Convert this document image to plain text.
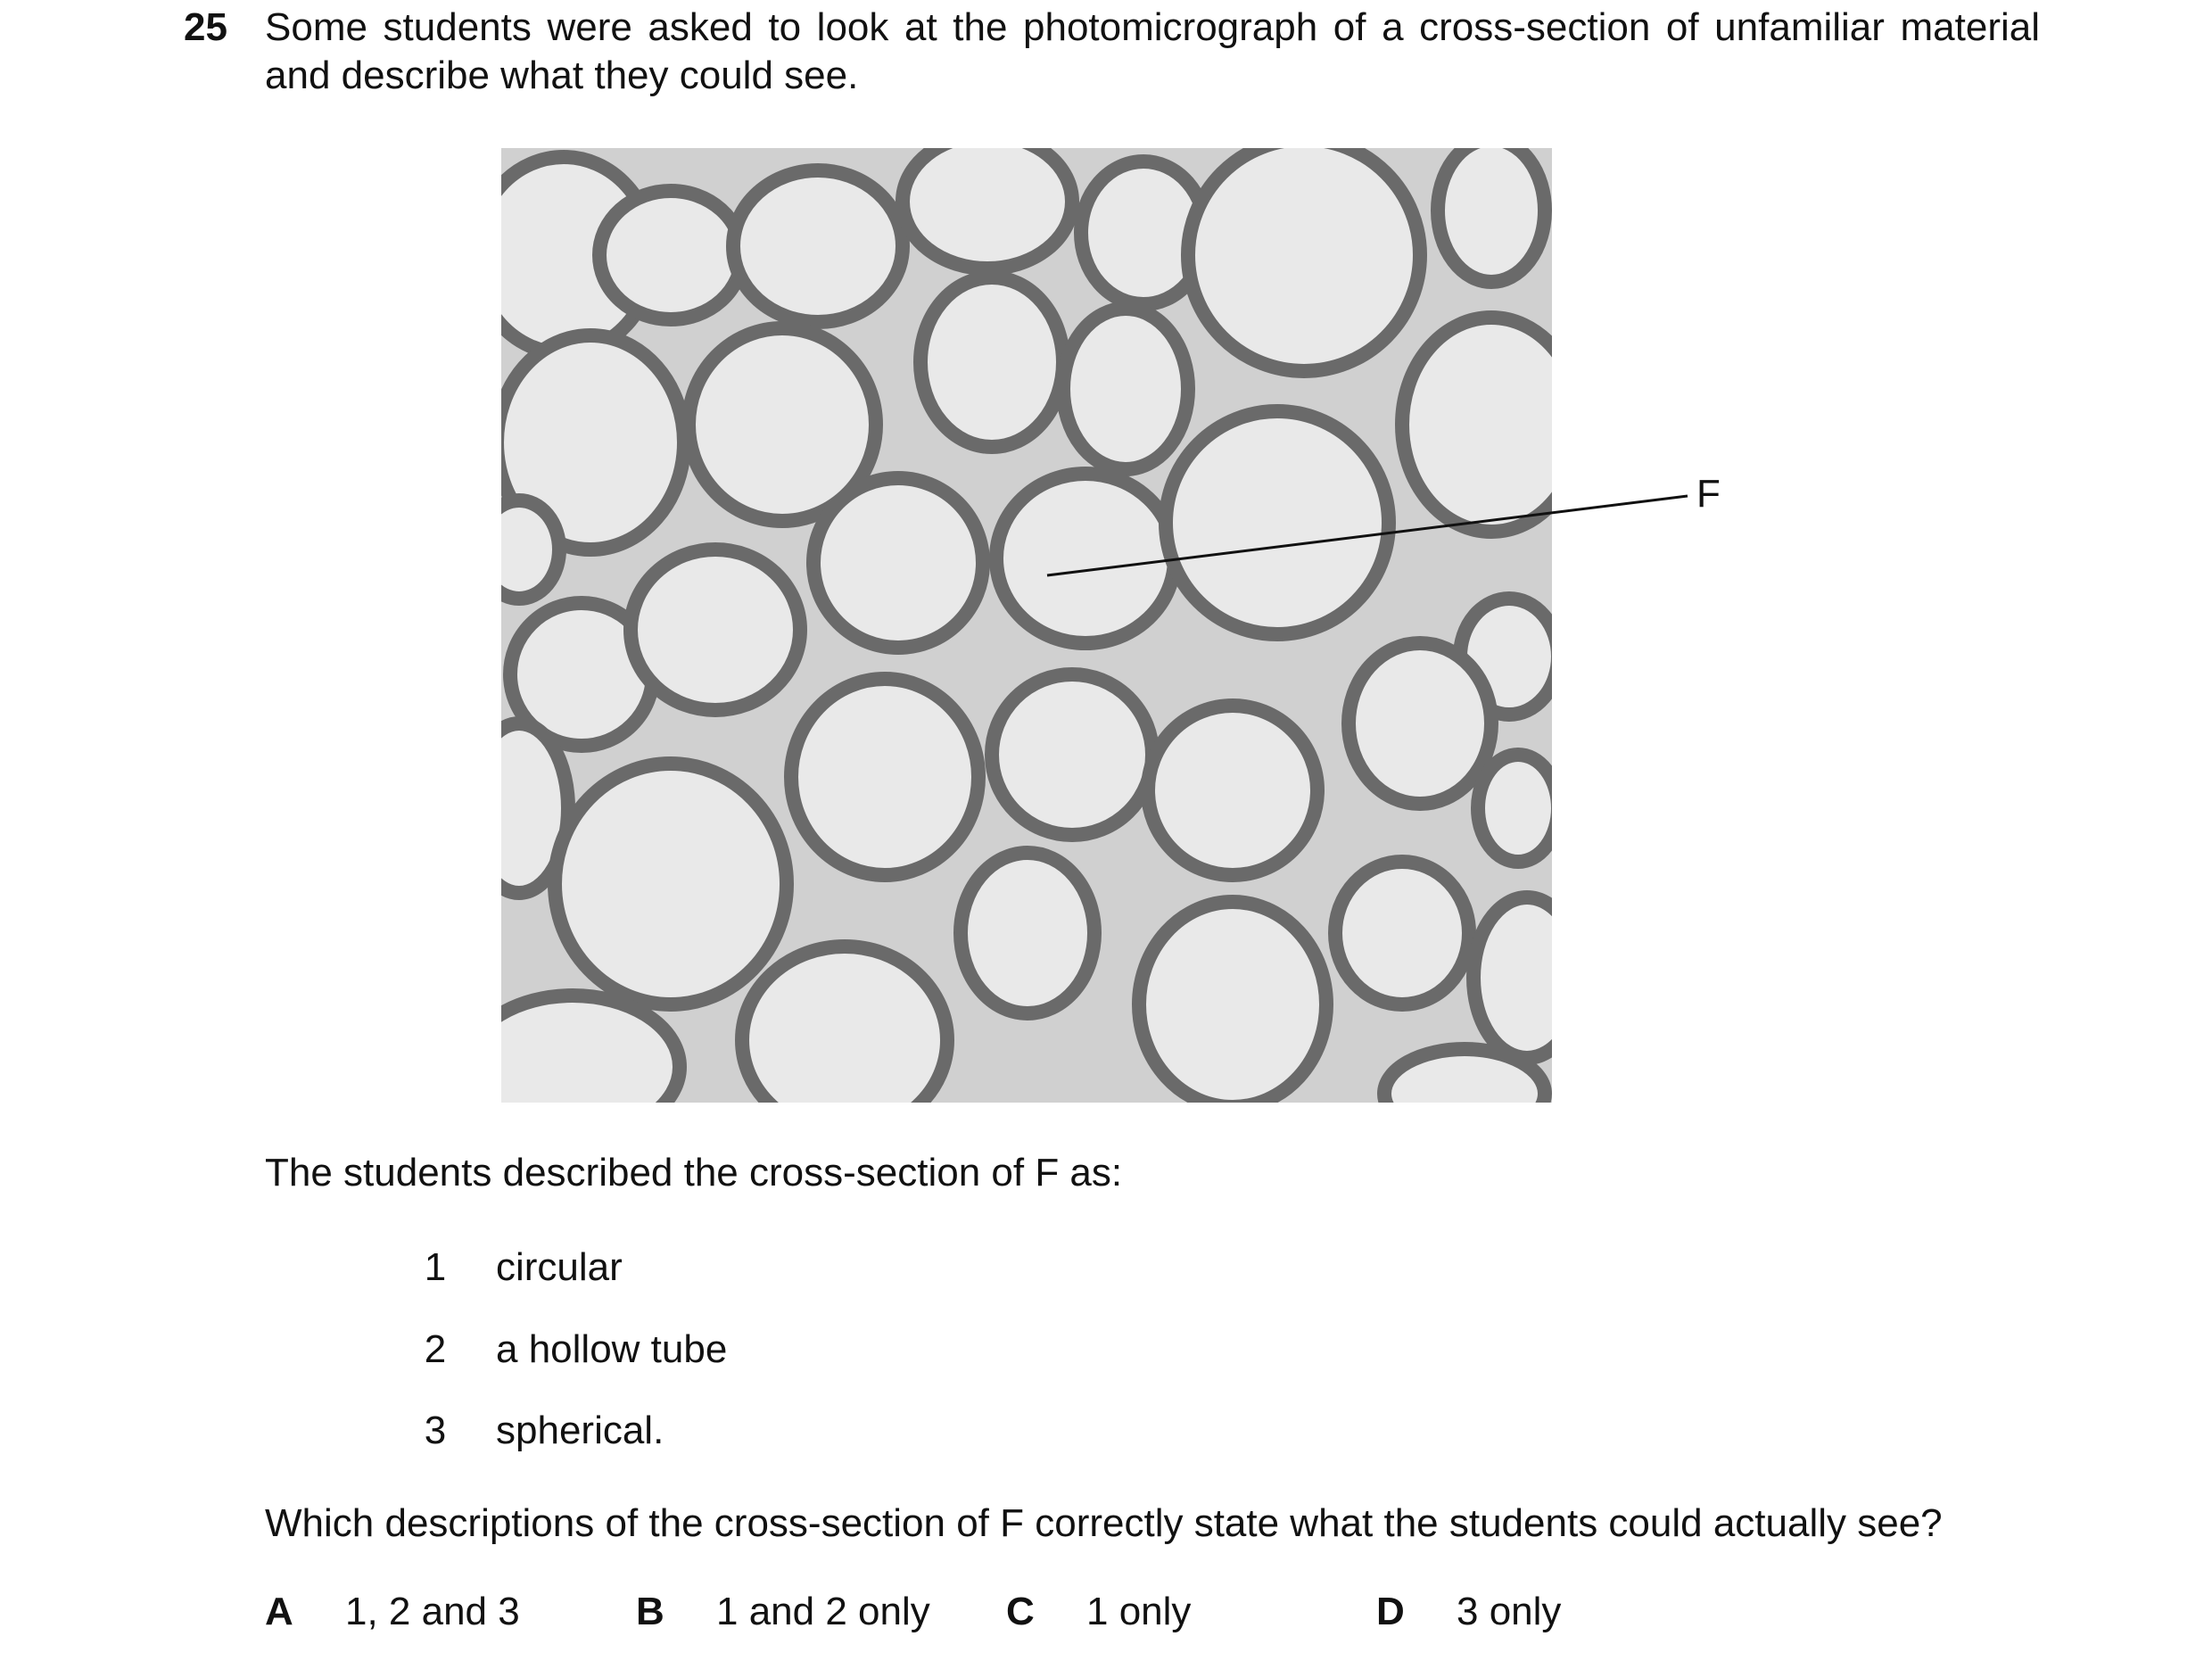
25 Some students were asked to look at the photomicrograph of a cross-section of unfamiliar material and describe what they could see.
F
The students described the cross-section of F as:
1 circular
2 a hollow tube
3 spherical.
Which descriptions of the cross-section of F correctly state what the students could actually see?
A 1, 2 and 3	B 1 and 2 only C 1 only	D 3 only
